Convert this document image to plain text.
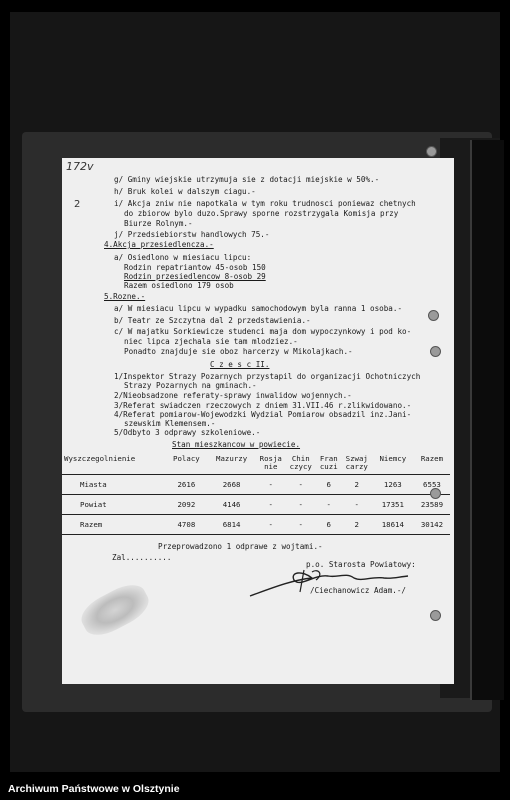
172v
2
g/ Gminy wiejskie utrzymuja sie z dotacji miejskie w 50%.-
h/ Bruk kolei w dalszym ciagu.-
i/ Akcja zniw nie napotkala w tym roku trudnosci poniewaz chetnych
do zbiorow bylo duzo.Sprawy sporne rozstrzygala Komisja przy
Biurze Rolnym.-
j/ Przedsiebiorstw handlowych 75.-
4.Akcja przesiedlencza.-
a/ Osiedlono w miesiacu lipcu:
Rodzin repatriantow 45-osob 150
Rodzin przesiedlencow 8-osob 29
Razem osiedlono 179 osob
5.Rozne.-
a/ W miesiacu lipcu w wypadku samochodowym byla ranna 1 osoba.-
b/ Teatr ze Szczytna dal 2 przedstawienia.-
c/ W majatku Sorkiewicze studenci maja dom wypoczynkowy i pod ko-
niec lipca zjechala sie tam mlodziez.-
Ponadto znajduje sie oboz harcerzy w Mikolajkach.-
C z e s c II.
1/Inspektor Strazy Pozarnych przystapil do organizacji Ochotniczych
Strazy Pozarnych na gminach.-
2/Nieobsadzone referaty-sprawy inwalidow wojennych.-
3/Referat swiadczen rzeczowych z dniem 31.VII.46 r.zlikwidowano.-
4/Referat pomiarow-Wojewodzki Wydzial Pomiarow obsadzil inz.Jani-
szewskim Klemensem.-
5/Odbyto 3 odprawy szkoleniowe.-
Stan mieszkancow w powiecie.
Wyszczegolnienie	Polacy	Mazurzy	Rosja nie	Chin czycy	Fran cuzi	Szwaj carzy	Niemcy	Razem
Miasta	2616	2668	-	-	6	2	1263	6553
Powiat	2092	4146	-	-	-	-	17351	23589
Razem	4708	6814	-	-	6	2	18614	30142
Przeprowadzono 1 odprawe z wojtami.-
Zal..........
p.o. Starosta Powiatowy:
/Ciechanowicz Adam.-/
Archiwum Państwowe w Olsztynie
